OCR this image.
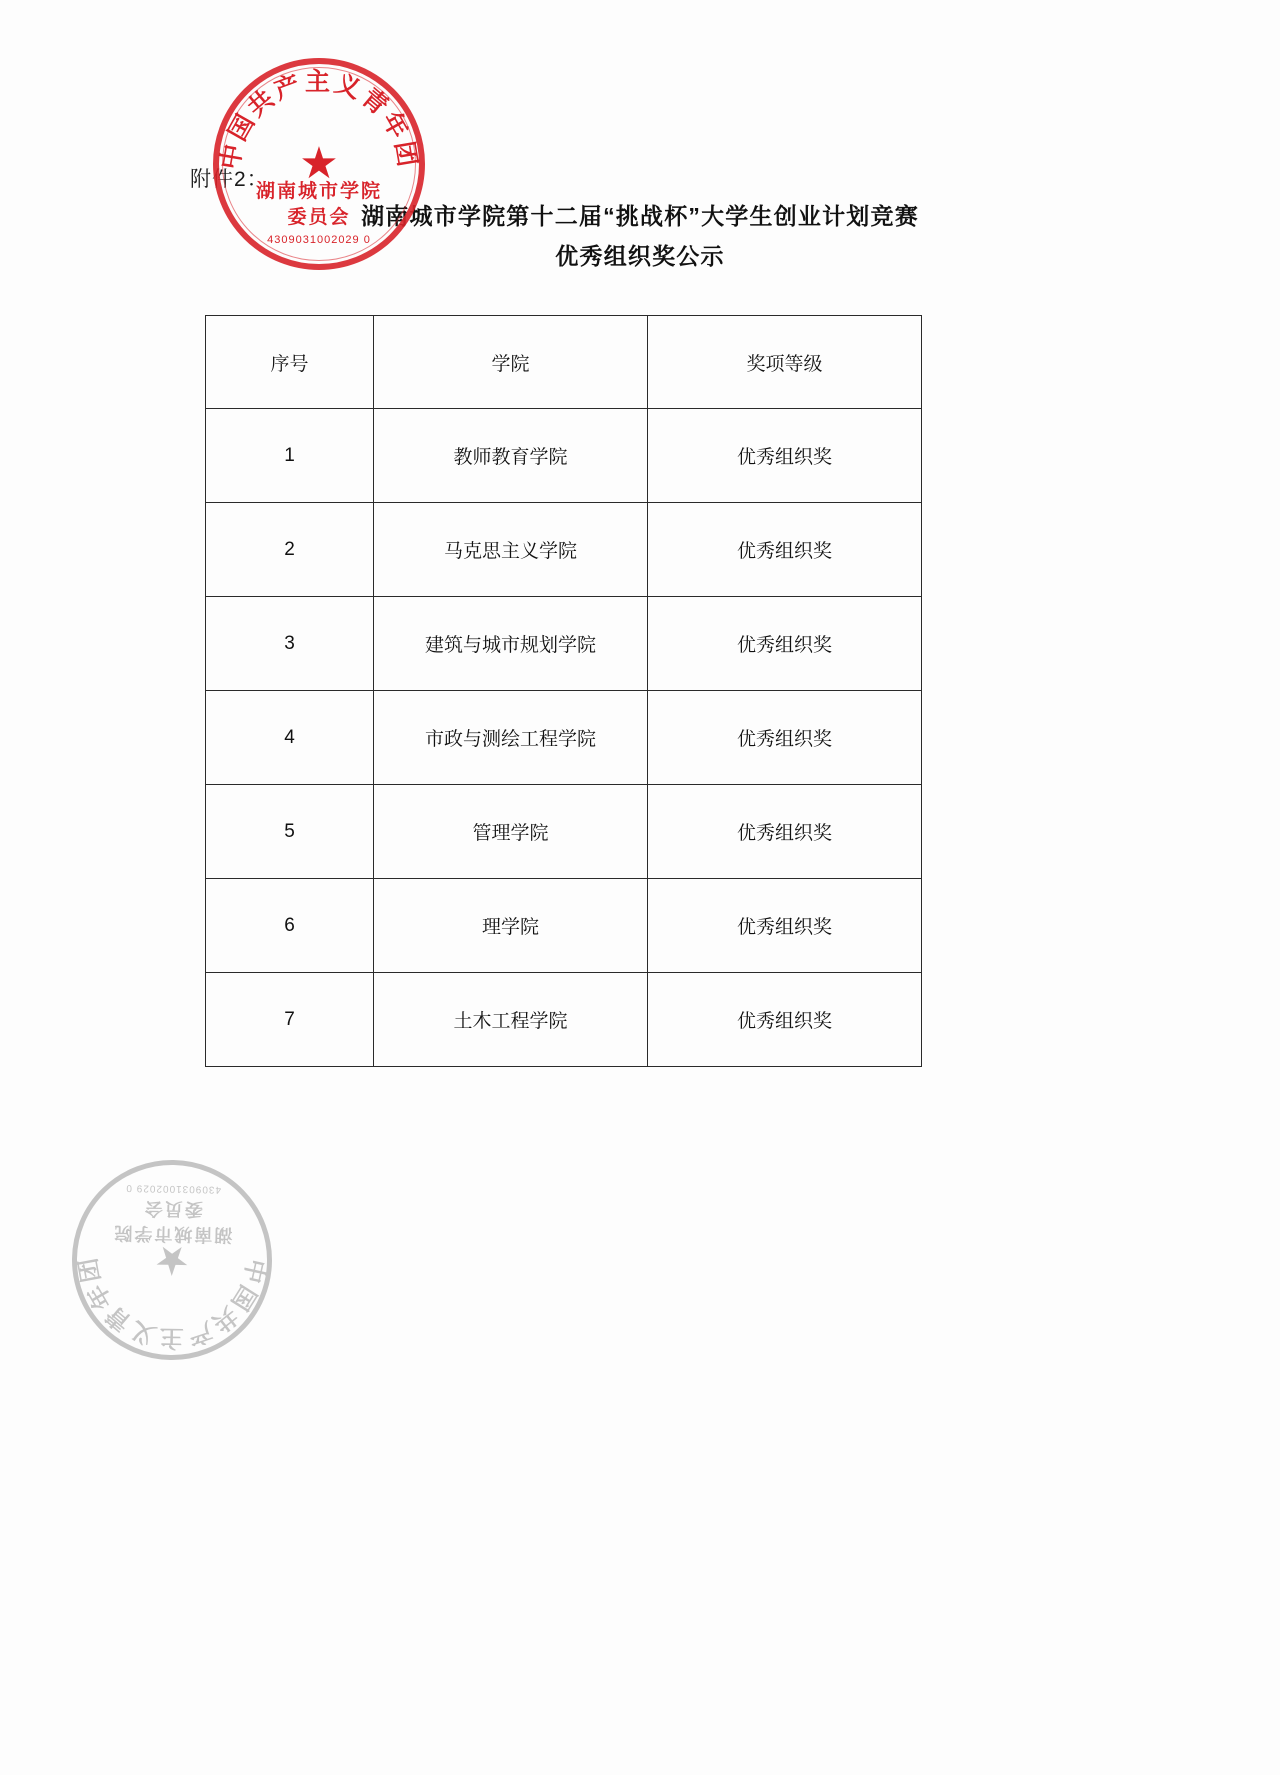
附件2：
湖南城市学院第十二届“挑战杯”大学生创业计划竞赛
优秀组织奖公示
中国共产主义青年团
★
湖南城市学院
委员会
4309031002029 0
序号	学院	奖项等级
1	教师教育学院	优秀组织奖
2	马克思主义学院	优秀组织奖
3	建筑与城市规划学院	优秀组织奖
4	市政与测绘工程学院	优秀组织奖
5	管理学院	优秀组织奖
6	理学院	优秀组织奖
7	土木工程学院	优秀组织奖
中国共产主义青年团	★
湖南城市学院
委员会
4309031002029 0
